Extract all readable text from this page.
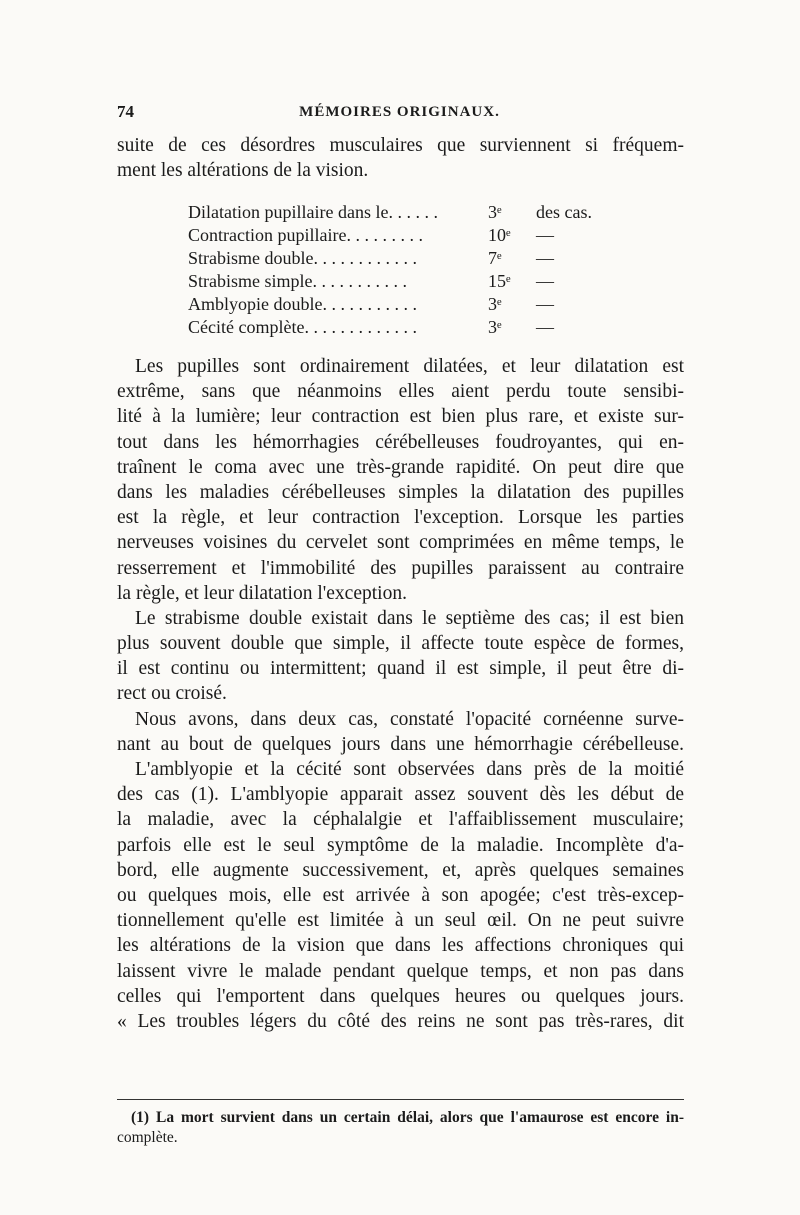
74	MÉMOIRES ORIGINAUX.
suite de ces désordres musculaires que surviennent si fréquem-
ment les altérations de la vision.
Dilatation pupillaire dans le. . . . . .	3ᵉ	des cas.
Contraction pupillaire. . . . . . . . .	10ᵉ	—
Strabisme double. . . . . . . . . . . .	7ᵉ	—
Strabisme simple. . . . . . . . . . .	15ᵉ	—
Amblyopie double. . . . . . . . . . .	3ᵉ	—
Cécité complète. . . . . . . . . . . . .	3ᵉ	—
Les pupilles sont ordinairement dilatées, et leur dilatation est
extrême, sans que néanmoins elles aient perdu toute sensibi-
lité à la lumière; leur contraction est bien plus rare, et existe sur-
tout dans les hémorrhagies cérébelleuses foudroyantes, qui en-
traînent le coma avec une très-grande rapidité. On peut dire que
dans les maladies cérébelleuses simples la dilatation des pupilles
est la règle, et leur contraction l'exception. Lorsque les parties
nerveuses voisines du cervelet sont comprimées en même temps, le
resserrement et l'immobilité des pupilles paraissent au contraire
la règle, et leur dilatation l'exception.
Le strabisme double existait dans le septième des cas; il est bien
plus souvent double que simple, il affecte toute espèce de formes,
il est continu ou intermittent; quand il est simple, il peut être di-
rect ou croisé.
Nous avons, dans deux cas, constaté l'opacité cornéenne surve-
nant au bout de quelques jours dans une hémorrhagie cérébelleuse.
L'amblyopie et la cécité sont observées dans près de la moitié
des cas (1). L'amblyopie apparait assez souvent dès les début de
la maladie, avec la céphalalgie et l'affaiblissement musculaire;
parfois elle est le seul symptôme de la maladie. Incomplète d'a-
bord, elle augmente successivement, et, après quelques semaines
ou quelques mois, elle est arrivée à son apogée; c'est très-excep-
tionnellement qu'elle est limitée à un seul œil. On ne peut suivre
les altérations de la vision que dans les affections chroniques qui
laissent vivre le malade pendant quelque temps, et non pas dans
celles qui l'emportent dans quelques heures ou quelques jours.
« Les troubles légers du côté des reins ne sont pas très-rares, dit
(1) La mort survient dans un certain délai, alors que l'amaurose est encore in-
complète.
